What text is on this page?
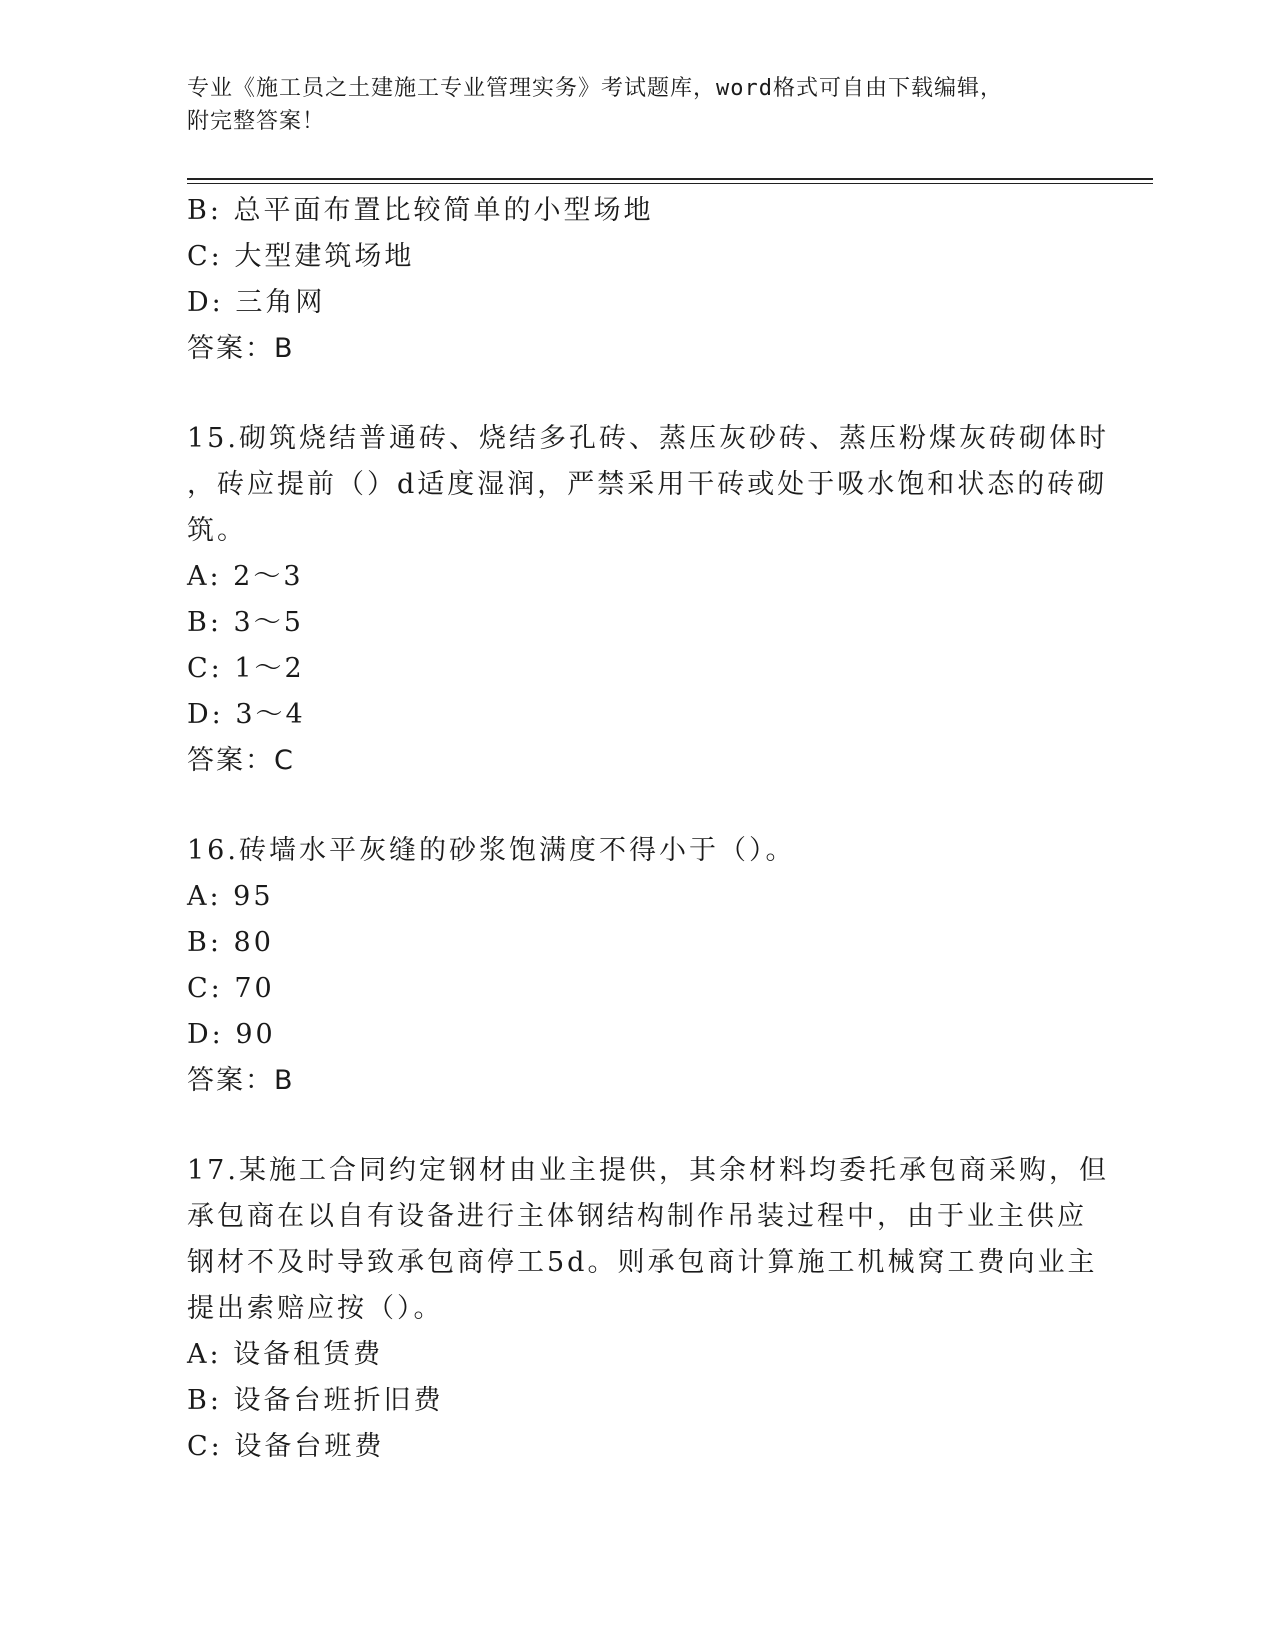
专业《施工员之土建施工专业管理实务》考试题库，word格式可自由下载编辑，
附完整答案！
B: 总平面布置比较简单的小型场地
C: 大型建筑场地
D: 三角网
答案：B
15.砌筑烧结普通砖、烧结多孔砖、蒸压灰砂砖、蒸压粉煤灰砖砌体时
，砖应提前（）d适度湿润，严禁采用干砖或处于吸水饱和状态的砖砌
筑。
A: 2～3
B: 3～5
C: 1～2
D: 3～4
答案：C
16.砖墙水平灰缝的砂浆饱满度不得小于（）。
A: 95
B: 80
C: 70
D: 90
答案：B
17.某施工合同约定钢材由业主提供，其余材料均委托承包商采购，但
承包商在以自有设备进行主体钢结构制作吊装过程中，由于业主供应
钢材不及时导致承包商停工5d。则承包商计算施工机械窝工费向业主
提出索赔应按（）。
A: 设备租赁费
B: 设备台班折旧费
C: 设备台班费
